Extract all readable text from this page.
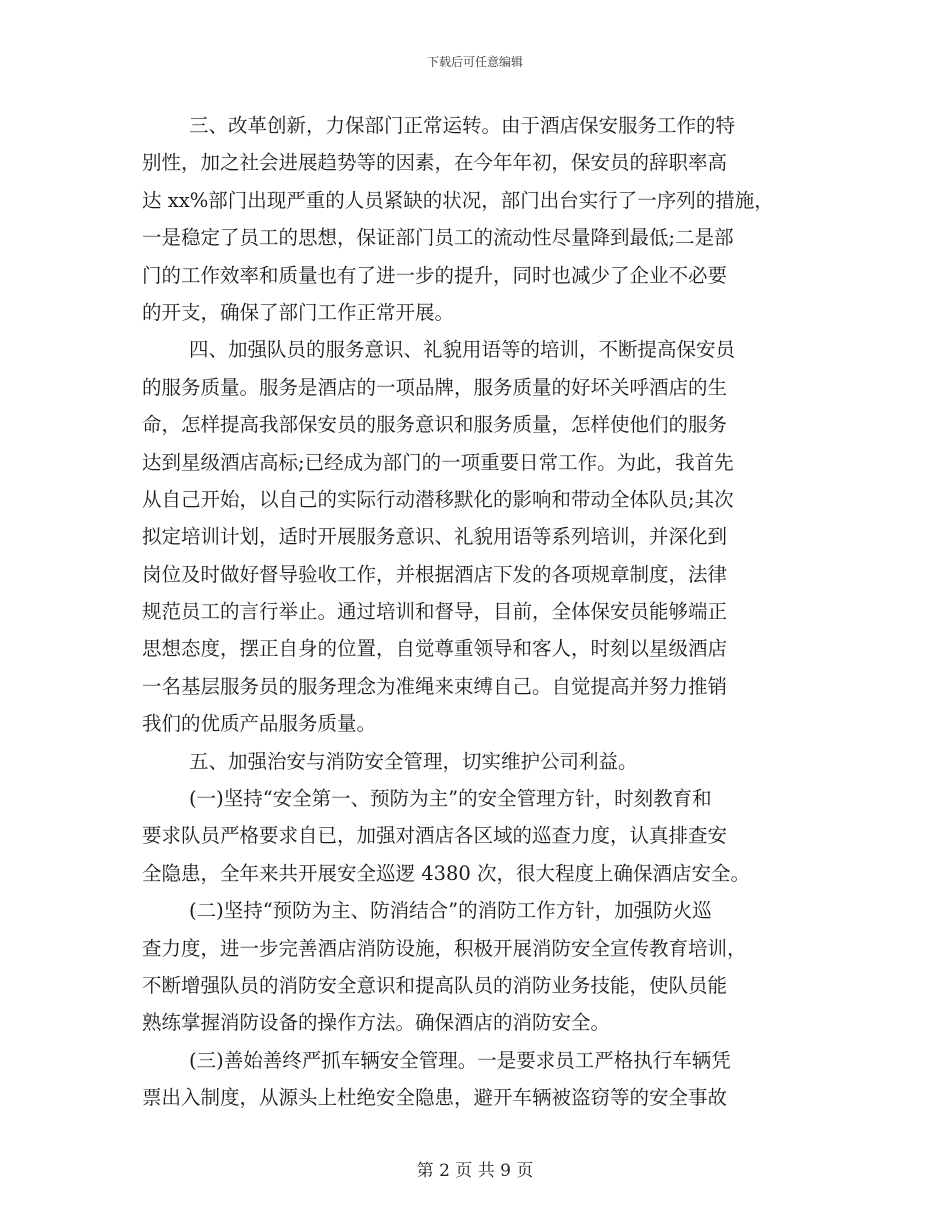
下载后可任意编辑
三、改革创新，力保部门正常运转。由于酒店保安服务工作的特
别性，加之社会进展趋势等的因素，在今年年初，保安员的辞职率高
达 xx%部门出现严重的人员紧缺的状况，部门出台实行了一序列的措施，
一是稳定了员工的思想，保证部门员工的流动性尽量降到最低;二是部
门的工作效率和质量也有了进一步的提升，同时也减少了企业不必要
的开支，确保了部门工作正常开展。
四、加强队员的服务意识、礼貌用语等的培训，不断提高保安员
的服务质量。服务是酒店的一项品牌，服务质量的好坏关呼酒店的生
命，怎样提高我部保安员的服务意识和服务质量，怎样使他们的服务
达到星级酒店高标;已经成为部门的一项重要日常工作。为此，我首先
从自己开始，以自己的实际行动潜移默化的影响和带动全体队员;其次
拟定培训计划，适时开展服务意识、礼貌用语等系列培训，并深化到
岗位及时做好督导验收工作，并根据酒店下发的各项规章制度，法律
规范员工的言行举止。通过培训和督导，目前，全体保安员能够端正
思想态度，摆正自身的位置，自觉尊重领导和客人，时刻以星级酒店
一名基层服务员的服务理念为准绳来束缚自己。自觉提高并努力推销
我们的优质产品服务质量。
五、加强治安与消防安全管理，切实维护公司利益。
(一)坚持“安全第一、预防为主”的安全管理方针，时刻教育和
要求队员严格要求自已，加强对酒店各区域的巡查力度，认真排查安
全隐患，全年来共开展安全巡逻 4380 次，很大程度上确保酒店安全。
(二)坚持“预防为主、防消结合”的消防工作方针，加强防火巡
查力度，进一步完善酒店消防设施，积极开展消防安全宣传教育培训，
不断增强队员的消防安全意识和提高队员的消防业务技能，使队员能
熟练掌握消防设备的操作方法。确保酒店的消防安全。
(三)善始善终严抓车辆安全管理。一是要求员工严格执行车辆凭
票出入制度，从源头上杜绝安全隐患，避开车辆被盗窃等的安全事故
第 2 页 共 9 页
